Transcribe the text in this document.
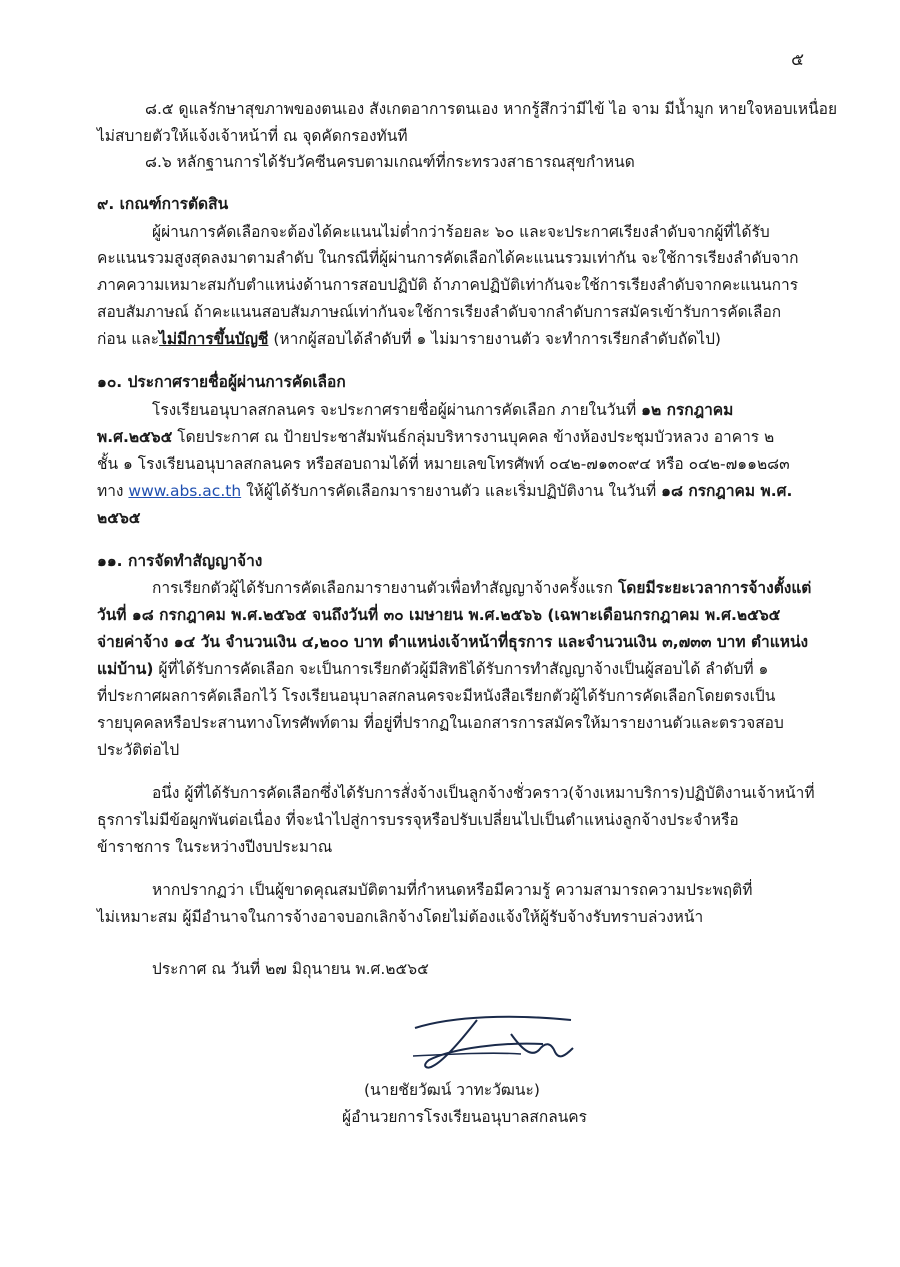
๕
๘.๕ ดูแลรักษาสุขภาพของตนเอง สังเกตอาการตนเอง หากรู้สึกว่ามีไข้ ไอ จาม มีน้ำมูก หายใจหอบเหนื่อย
ไม่สบายตัวให้แจ้งเจ้าหน้าที่ ณ จุดคัดกรองทันที
๘.๖ หลักฐานการได้รับวัคซีนครบตามเกณฑ์ที่กระทรวงสาธารณสุขกำหนด
๙. เกณฑ์การตัดสิน
ผู้ผ่านการคัดเลือกจะต้องได้คะแนนไม่ต่ำกว่าร้อยละ ๖๐ และจะประกาศเรียงลำดับจากผู้ที่ได้รับ
คะแนนรวมสูงสุดลงมาตามลำดับ ในกรณีที่ผู้ผ่านการคัดเลือกได้คะแนนรวมเท่ากัน จะใช้การเรียงลำดับจาก
ภาคความเหมาะสมกับตำแหน่งด้านการสอบปฏิบัติ ถ้าภาคปฏิบัติเท่ากันจะใช้การเรียงลำดับจากคะแนนการ
สอบสัมภาษณ์ ถ้าคะแนนสอบสัมภาษณ์เท่ากันจะใช้การเรียงลำดับจากลำดับการสมัครเข้ารับการคัดเลือก
ก่อน และไม่มีการขึ้นบัญชี (หากผู้สอบได้ลำดับที่ ๑ ไม่มารายงานตัว จะทำการเรียกลำดับถัดไป)
๑๐. ประกาศรายชื่อผู้ผ่านการคัดเลือก
โรงเรียนอนุบาลสกลนคร จะประกาศรายชื่อผู้ผ่านการคัดเลือก ภายในวันที่ ๑๒ กรกฎาคม
พ.ศ.๒๕๖๕ โดยประกาศ ณ ป้ายประชาสัมพันธ์กลุ่มบริหารงานบุคคล ข้างห้องประชุมบัวหลวง อาคาร ๒
ชั้น ๑ โรงเรียนอนุบาลสกลนคร หรือสอบถามได้ที่ หมายเลขโทรศัพท์ ๐๔๒-๗๑๓๐๙๔ หรือ ๐๔๒-๗๑๑๒๘๓
ทาง www.abs.ac.th ให้ผู้ได้รับการคัดเลือกมารายงานตัว และเริ่มปฏิบัติงาน ในวันที่ ๑๘ กรกฎาคม พ.ศ.
๒๕๖๕
๑๑. การจัดทำสัญญาจ้าง
การเรียกตัวผู้ได้รับการคัดเลือกมารายงานตัวเพื่อทำสัญญาจ้างครั้งแรก โดยมีระยะเวลาการจ้างตั้งแต่
วันที่ ๑๘ กรกฎาคม พ.ศ.๒๕๖๕ จนถึงวันที่ ๓๐ เมษายน พ.ศ.๒๕๖๖ (เฉพาะเดือนกรกฎาคม พ.ศ.๒๕๖๕
จ่ายค่าจ้าง ๑๔ วัน จำนวนเงิน ๔,๒๐๐ บาท ตำแหน่งเจ้าหน้าที่ธุรการ และจำนวนเงิน ๓,๗๓๓ บาท ตำแหน่ง
แม่บ้าน) ผู้ที่ได้รับการคัดเลือก จะเป็นการเรียกตัวผู้มีสิทธิได้รับการทำสัญญาจ้างเป็นผู้สอบได้ ลำดับที่ ๑
ที่ประกาศผลการคัดเลือกไว้ โรงเรียนอนุบาลสกลนครจะมีหนังสือเรียกตัวผู้ได้รับการคัดเลือกโดยตรงเป็น
รายบุคคลหรือประสานทางโทรศัพท์ตาม ที่อยู่ที่ปรากฏในเอกสารการสมัครให้มารายงานตัวและตรวจสอบ
ประวัติต่อไป
อนึ่ง ผู้ที่ได้รับการคัดเลือกซึ่งได้รับการสั่งจ้างเป็นลูกจ้างชั่วคราว(จ้างเหมาบริการ)ปฏิบัติงานเจ้าหน้าที่
ธุรการไม่มีข้อผูกพันต่อเนื่อง ที่จะนำไปสู่การบรรจุหรือปรับเปลี่ยนไปเป็นตำแหน่งลูกจ้างประจำหรือ
ข้าราชการ ในระหว่างปีงบประมาณ
หากปรากฏว่า เป็นผู้ขาดคุณสมบัติตามที่กำหนดหรือมีความรู้ ความสามารถความประพฤติที่
ไม่เหมาะสม ผู้มีอำนาจในการจ้างอาจบอกเลิกจ้างโดยไม่ต้องแจ้งให้ผู้รับจ้างรับทราบล่วงหน้า
ประกาศ ณ วันที่ ๒๗ มิถุนายน พ.ศ.๒๕๖๕
(นายชัยวัฒน์ วาทะวัฒนะ)
ผู้อำนวยการโรงเรียนอนุบาลสกลนคร
